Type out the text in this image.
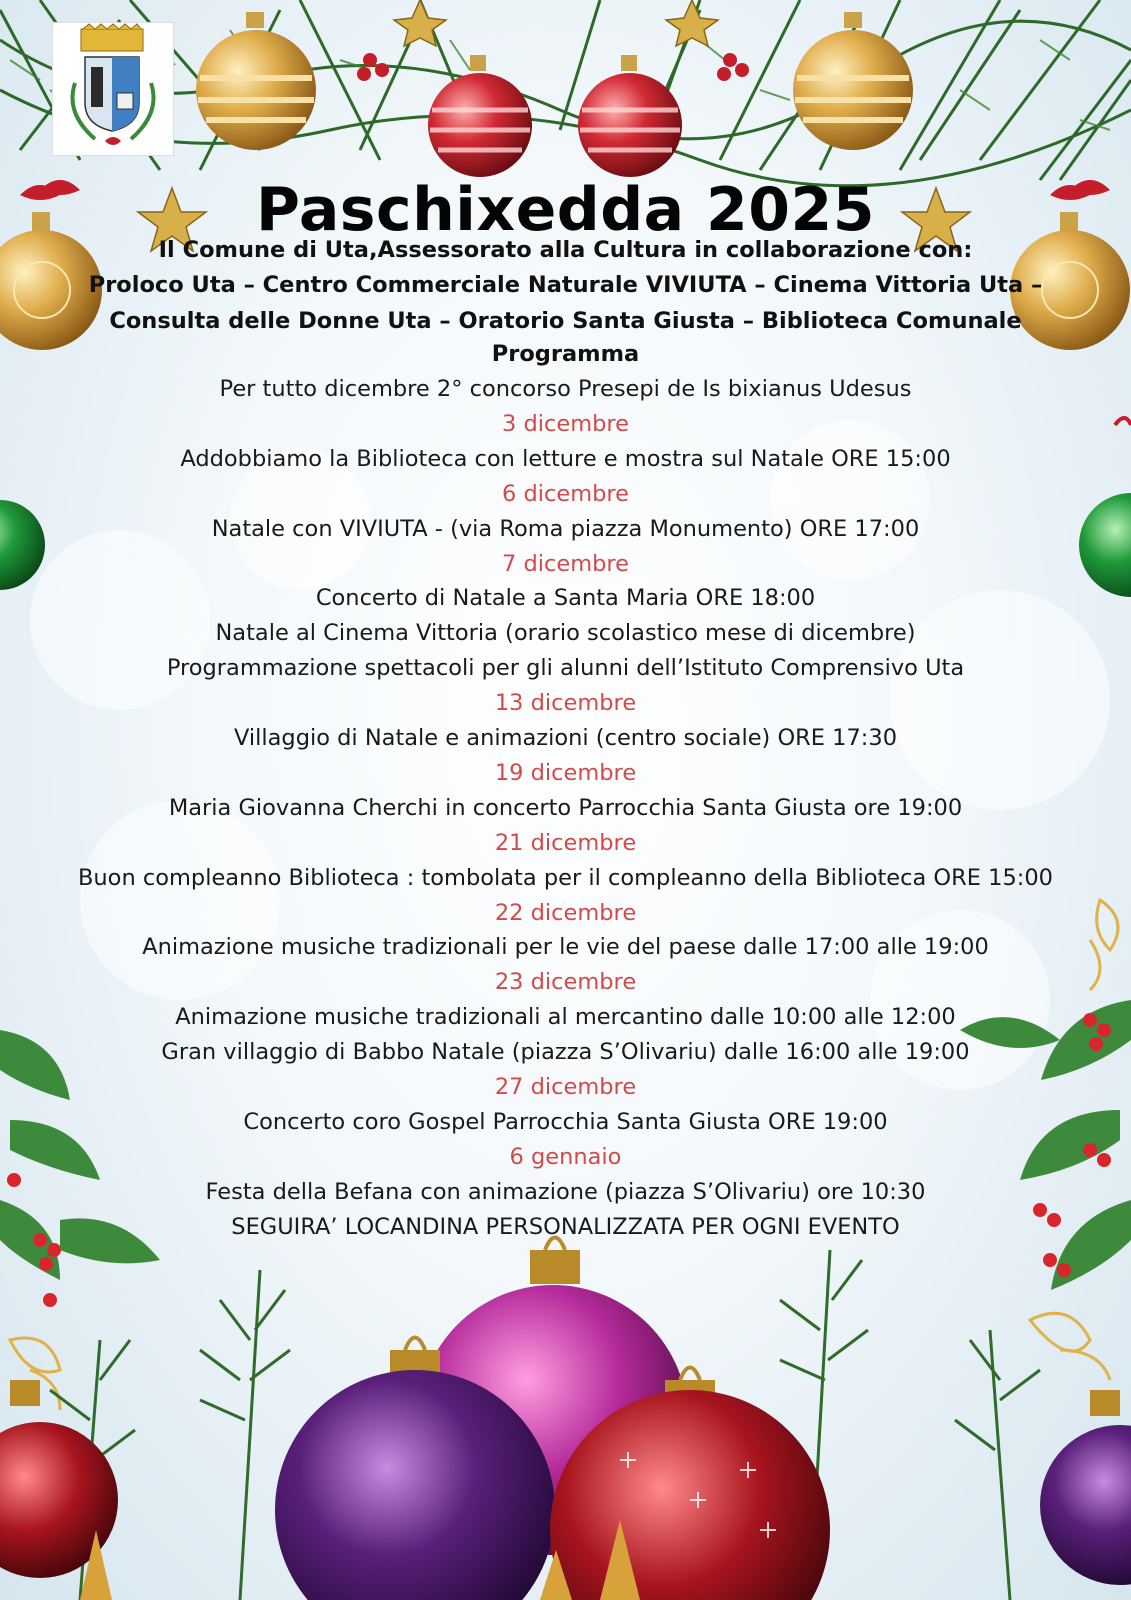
Paschixedda 2025
Il Comune di Uta,Assessorato alla Cultura in collaborazione con:
Proloco Uta – Centro Commerciale Naturale VIVIUTA – Cinema Vittoria Uta –
Consulta delle Donne Uta – Oratorio Santa Giusta – Biblioteca Comunale
Programma
Per tutto dicembre 2° concorso Presepi de Is bixianus Udesus
3 dicembre
Addobbiamo la Biblioteca con letture e mostra sul Natale ORE 15:00
6 dicembre
Natale con VIVIUTA - (via Roma piazza Monumento) ORE 17:00
7 dicembre
Concerto di Natale a Santa Maria ORE 18:00
Natale al Cinema Vittoria (orario scolastico mese di dicembre)
Programmazione spettacoli per gli alunni dell’Istituto Comprensivo Uta
13 dicembre
Villaggio di Natale e animazioni (centro sociale) ORE 17:30
19 dicembre
Maria Giovanna Cherchi in concerto Parrocchia Santa Giusta ore 19:00
21 dicembre
Buon compleanno Biblioteca : tombolata per il compleanno della Biblioteca ORE 15:00
22 dicembre
Animazione musiche tradizionali per le vie del paese dalle 17:00 alle 19:00
23 dicembre
Animazione musiche tradizionali al mercantino dalle 10:00 alle 12:00
Gran villaggio di Babbo Natale (piazza S’Olivariu) dalle 16:00 alle 19:00
27 dicembre
Concerto coro Gospel Parrocchia Santa Giusta ORE 19:00
6 gennaio
Festa della Befana con animazione (piazza S’Olivariu) ore 10:30
SEGUIRA’ LOCANDINA PERSONALIZZATA PER OGNI EVENTO
